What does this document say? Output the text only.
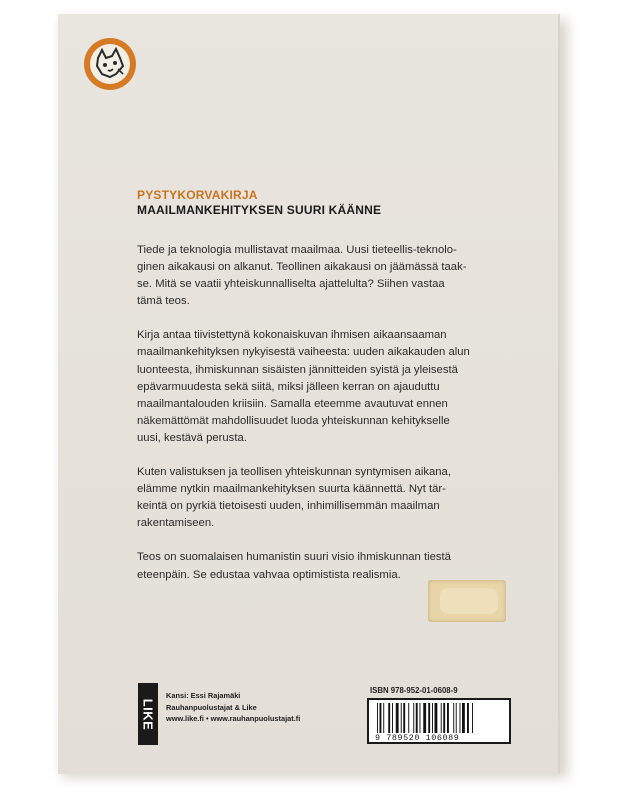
PYSTYKORVAKIRJA
MAAILMANKEHITYKSEN SUURI KÄÄNNE

Tiede ja teknologia mullistavat maailmaa. Uusi tieteellis-teknolo-
ginen aikakausi on alkanut. Teollinen aikakausi on jäämässä taak-
se. Mitä se vaatii yhteiskunnalliselta ajattelulta? Siihen vastaa
tämä teos.

Kirja antaa tiivistettynä kokonaiskuvan ihmisen aikaansaaman
maailmankehityksen nykyisestä vaiheesta: uuden aikakauden alun
luonteesta, ihmiskunnan sisäisten jännitteiden syistä ja yleisestä
epävarmuudesta sekä siitä, miksi jälleen kerran on ajauduttu
maailmantalouden kriisiin. Samalla eteemme avautuvat ennen
näkemättömät mahdollisuudet luoda yhteiskunnan kehitykselle
uusi, kestävä perusta.

Kuten valistuksen ja teollisen yhteiskunnan syntymisen aikana,
elämme nytkin maailmankehityksen suurta käännettä. Nyt tär-
keintä on pyrkiä tietoisesti uuden, inhimillisemmän maailman
rakentamiseen.

Teos on suomalaisen humanistin suuri visio ihmiskunnan tiestä
eteenpäin. Se edustaa vahvaa optimistista realismia.

LIKE
Kansi: Essi Rajamäki
Rauhanpuolustajat & Like
www.like.fi • www.rauhanpuolustajat.fi
ISBN 978-952-01-0608-9
9 789520 106089
